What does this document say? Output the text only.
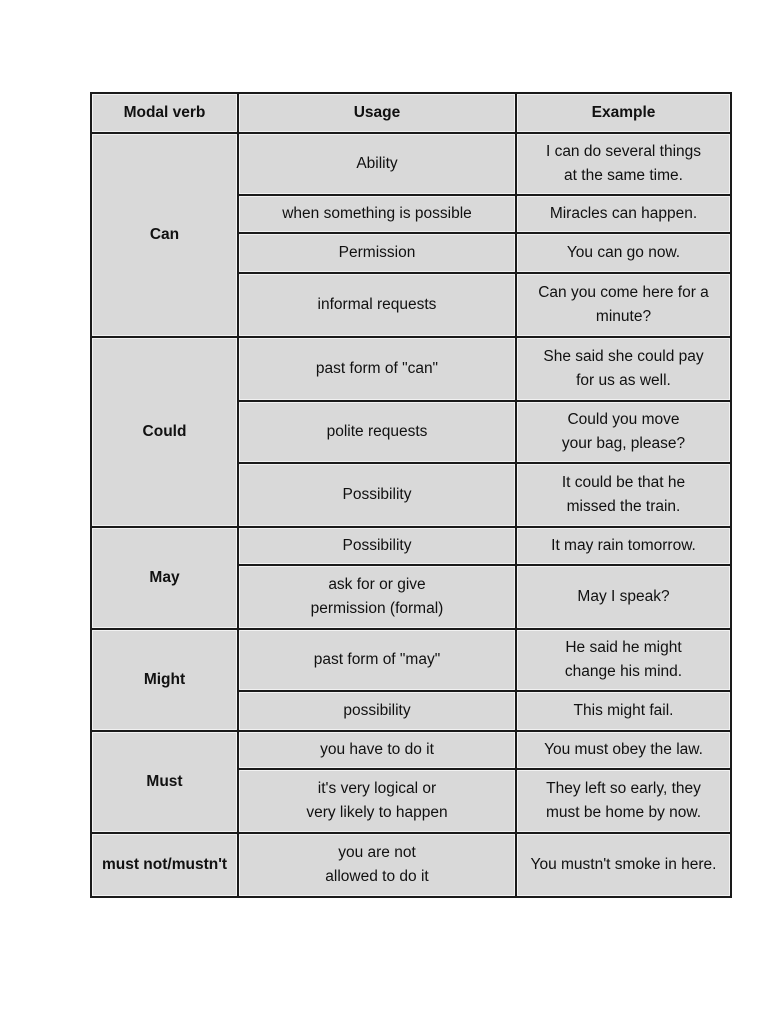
Modal verb	Usage	Example
Can	Ability	I can do several things
at the same time.
	when something is possible	Miracles can happen.
	Permission	You can go now.
	informal requests	Can you come here for a
minute?
Could	past form of "can"	She said she could pay
for us as well.
	polite requests	Could you move
your bag, please?
	Possibility	It could be that he
missed the train.
May	Possibility	It may rain tomorrow.
	ask for or give
permission (formal)	May I speak?
Might	past form of "may"	He said he might
change his mind.
	possibility	This might fail.
Must	you have to do it	You must obey the law.
	it's very logical or
very likely to happen	They left so early, they
must be home by now.
must not/mustn't	you are not
allowed to do it	You mustn't smoke in here.
